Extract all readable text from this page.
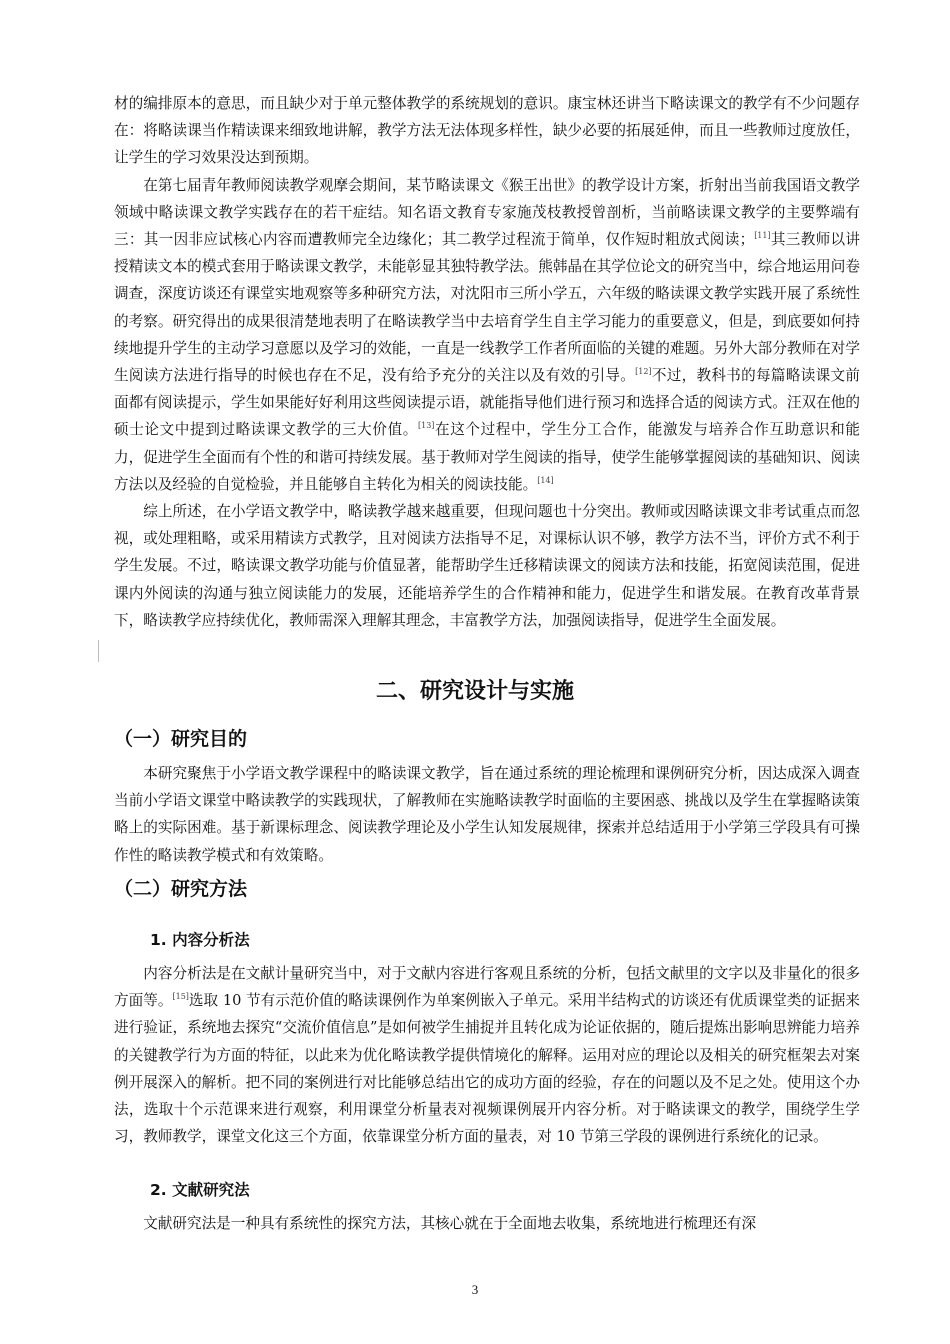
材的编排原本的意思，而且缺少对于单元整体教学的系统规划的意识。康宝林还讲当下略读课文的教学有不少问题存在：将略读课当作精读课来细致地讲解，教学方法无法体现多样性，缺少必要的拓展延伸，而且一些教师过度放任，让学生的学习效果没达到预期。

在第七届青年教师阅读教学观摩会期间，某节略读课文《猴王出世》的教学设计方案，折射出当前我国语文教学领域中略读课文教学实践存在的若干症结。知名语文教育专家施茂枝教授曾剖析，当前略读课文教学的主要弊端有三：其一因非应试核心内容而遭教师完全边缘化；其二教学过程流于简单，仅作短时粗放式阅读；[11]其三教师以讲授精读文本的模式套用于略读课文教学，未能彰显其独特教学法。熊韩晶在其学位论文的研究当中，综合地运用问卷调查，深度访谈还有课堂实地观察等多种研究方法，对沈阳市三所小学五，六年级的略读课文教学实践开展了系统性的考察。研究得出的成果很清楚地表明了在略读教学当中去培育学生自主学习能力的重要意义，但是，到底要如何持续地提升学生的主动学习意愿以及学习的效能，一直是一线教学工作者所面临的关键的难题。另外大部分教师在对学生阅读方法进行指导的时候也存在不足，没有给予充分的关注以及有效的引导。[12]不过，教科书的每篇略读课文前面都有阅读提示，学生如果能好好利用这些阅读提示语，就能指导他们进行预习和选择合适的阅读方式。汪双在他的硕士论文中提到过略读课文教学的三大价值。[13]在这个过程中，学生分工合作，能激发与培养合作互助意识和能力，促进学生全面而有个性的和谐可持续发展。基于教师对学生阅读的指导，使学生能够掌握阅读的基础知识、阅读方法以及经验的自觉检验，并且能够自主转化为相关的阅读技能。[14]

综上所述，在小学语文教学中，略读教学越来越重要，但现问题也十分突出。教师或因略读课文非考试重点而忽视，或处理粗略，或采用精读方式教学，且对阅读方法指导不足，对课标认识不够，教学方法不当，评价方式不利于学生发展。不过，略读课文教学功能与价值显著，能帮助学生迁移精读课文的阅读方法和技能，拓宽阅读范围，促进课内外阅读的沟通与独立阅读能力的发展，还能培养学生的合作精神和能力，促进学生和谐发展。在教育改革背景下，略读教学应持续优化，教师需深入理解其理念，丰富教学方法，加强阅读指导，促进学生全面发展。

二、研究设计与实施
（一）研究目的

本研究聚焦于小学语文教学课程中的略读课文教学，旨在通过系统的理论梳理和课例研究分析，因达成深入调查当前小学语文课堂中略读教学的实践现状，了解教师在实施略读教学时面临的主要困惑、挑战以及学生在掌握略读策略上的实际困难。基于新课标理念、阅读教学理论及小学生认知发展规律，探索并总结适用于小学第三学段具有可操作性的略读教学模式和有效策略。

（二）研究方法
1. 内容分析法

内容分析法是在文献计量研究当中，对于文献内容进行客观且系统的分析，包括文献里的文字以及非量化的很多方面等。[15]选取 10 节有示范价值的略读课例作为单案例嵌入子单元。采用半结构式的访谈还有优质课堂类的证据来进行验证，系统地去探究“交流价值信息”是如何被学生捕捉并且转化成为论证依据的，随后提炼出影响思辨能力培养的关键教学行为方面的特征，以此来为优化略读教学提供情境化的解释。运用对应的理论以及相关的研究框架去对案例开展深入的解析。把不同的案例进行对比能够总结出它的成功方面的经验，存在的问题以及不足之处。使用这个办法，选取十个示范课来进行观察，利用课堂分析量表对视频课例展开内容分析。对于略读课文的教学，围绕学生学习，教师教学，课堂文化这三个方面，依靠课堂分析方面的量表，对 10 节第三学段的课例进行系统化的记录。

2. 文献研究法

文献研究法是一种具有系统性的探究方法，其核心就在于全面地去收集，系统地进行梳理还有深

3
